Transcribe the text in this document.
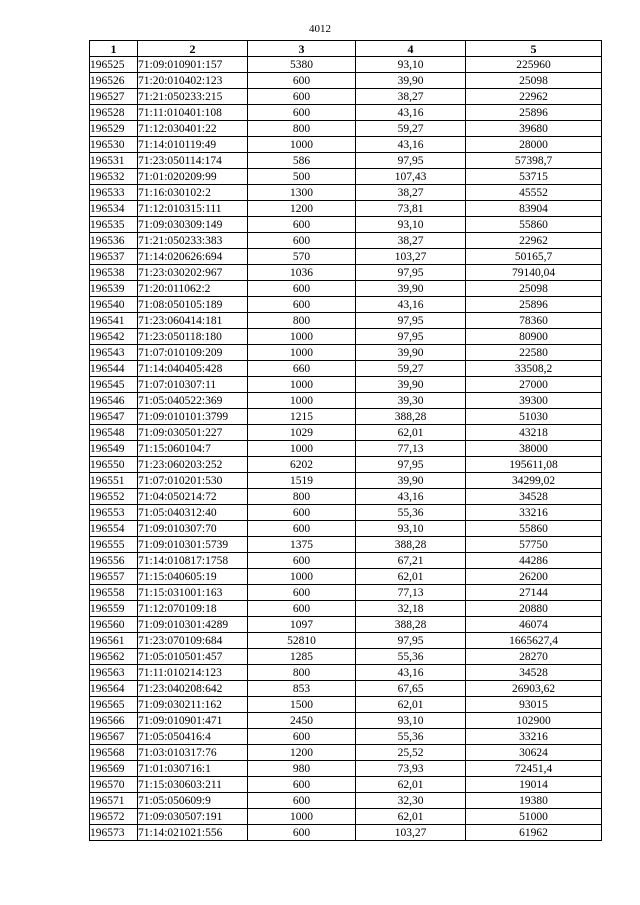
4012
1	2	3	4	5
196525	71:09:010901:157	5380	93,10	225960
196526	71:20:010402:123	600	39,90	25098
196527	71:21:050233:215	600	38,27	22962
196528	71:11:010401:108	600	43,16	25896
196529	71:12:030401:22	800	59,27	39680
196530	71:14:010119:49	1000	43,16	28000
196531	71:23:050114:174	586	97,95	57398,7
196532	71:01:020209:99	500	107,43	53715
196533	71:16:030102:2	1300	38,27	45552
196534	71:12:010315:111	1200	73,81	83904
196535	71:09:030309:149	600	93,10	55860
196536	71:21:050233:383	600	38,27	22962
196537	71:14:020626:694	570	103,27	50165,7
196538	71:23:030202:967	1036	97,95	79140,04
196539	71:20:011062:2	600	39,90	25098
196540	71:08:050105:189	600	43,16	25896
196541	71:23:060414:181	800	97,95	78360
196542	71:23:050118:180	1000	97,95	80900
196543	71:07:010109:209	1000	39,90	22580
196544	71:14:040405:428	660	59,27	33508,2
196545	71:07:010307:11	1000	39,90	27000
196546	71:05:040522:369	1000	39,30	39300
196547	71:09:010101:3799	1215	388,28	51030
196548	71:09:030501:227	1029	62,01	43218
196549	71:15:060104:7	1000	77,13	38000
196550	71:23:060203:252	6202	97,95	195611,08
196551	71:07:010201:530	1519	39,90	34299,02
196552	71:04:050214:72	800	43,16	34528
196553	71:05:040312:40	600	55,36	33216
196554	71:09:010307:70	600	93,10	55860
196555	71:09:010301:5739	1375	388,28	57750
196556	71:14:010817:1758	600	67,21	44286
196557	71:15:040605:19	1000	62,01	26200
196558	71:15:031001:163	600	77,13	27144
196559	71:12:070109:18	600	32,18	20880
196560	71:09:010301:4289	1097	388,28	46074
196561	71:23:070109:684	52810	97,95	1665627,4
196562	71:05:010501:457	1285	55,36	28270
196563	71:11:010214:123	800	43,16	34528
196564	71:23:040208:642	853	67,65	26903,62
196565	71:09:030211:162	1500	62,01	93015
196566	71:09:010901:471	2450	93,10	102900
196567	71:05:050416:4	600	55,36	33216
196568	71:03:010317:76	1200	25,52	30624
196569	71:01:030716:1	980	73,93	72451,4
196570	71:15:030603:211	600	62,01	19014
196571	71:05:050609:9	600	32,30	19380
196572	71:09:030507:191	1000	62,01	51000
196573	71:14:021021:556	600	103,27	61962
